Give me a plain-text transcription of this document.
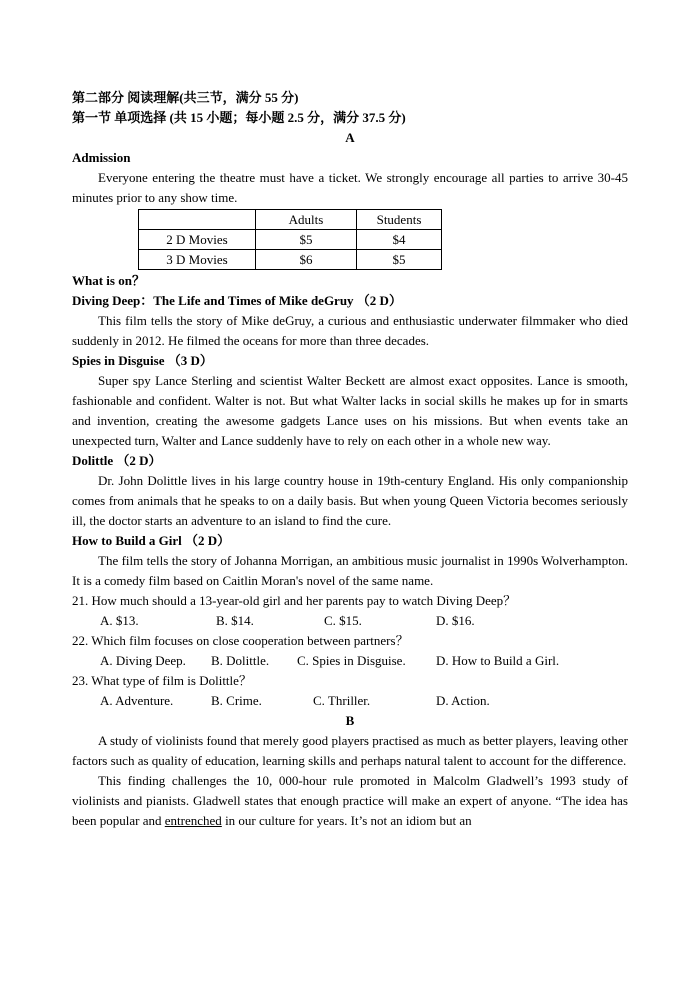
第二部分 阅读理解(共三节，满分 55 分)

第一节 单项选择 (共 15 小题；每小题 2.5 分，满分 37.5 分)

A

Admission

Everyone entering the theatre must have a ticket. We strongly encourage all parties to arrive 30-45 minutes prior to any show time.

	Adults	Students
2 D Movies	$5	$4
3 D Movies	$6	$5

What is on？

Diving Deep：The Life and Times of Mike deGruy （2 D）

This film tells the story of Mike deGruy, a curious and enthusiastic underwater filmmaker who died suddenly in 2012. He filmed the oceans for more than three decades.

Spies in Disguise （3 D）

Super spy Lance Sterling and scientist Walter Beckett are almost exact opposites. Lance is smooth, fashionable and confident. Walter is not. But what Walter lacks in social skills he makes up for in smarts and invention, creating the awesome gadgets Lance uses on his missions. But when events take an unexpected turn, Walter and Lance suddenly have to rely on each other in a whole new way.

Dolittle （2 D）

Dr. John Dolittle lives in his large country house in 19th-century England. His only companionship comes from animals that he speaks to on a daily basis. But when young Queen Victoria becomes seriously ill, the doctor starts an adventure to an island to find the cure.

How to Build a Girl （2 D）

The film tells the story of Johanna Morrigan, an ambitious music journalist in 1990s Wolverhampton. It is a comedy film based on Caitlin Moran's novel of the same name.

21. How much should a 13-year-old girl and her parents pay to watch Diving Deep？

A. $13.	B. $14.	C. $15.	D. $16.

22. Which film focuses on close cooperation between partners？

A. Diving Deep.	B. Dolittle.	C. Spies in Disguise.	D. How to Build a Girl.

23. What type of film is Dolittle？

A. Adventure.	B. Crime.	C. Thriller.	D. Action.

B

A study of violinists found that merely good players practised as much as better players, leaving other factors such as quality of education, learning skills and perhaps natural talent to account for the difference.

This finding challenges the 10, 000-hour rule promoted in Malcolm Gladwell’s 1993 study of violinists and pianists. Gladwell states that enough practice will make an expert of anyone. “The idea has been popular and entrenched in our culture for years. It’s not an idiom but an
